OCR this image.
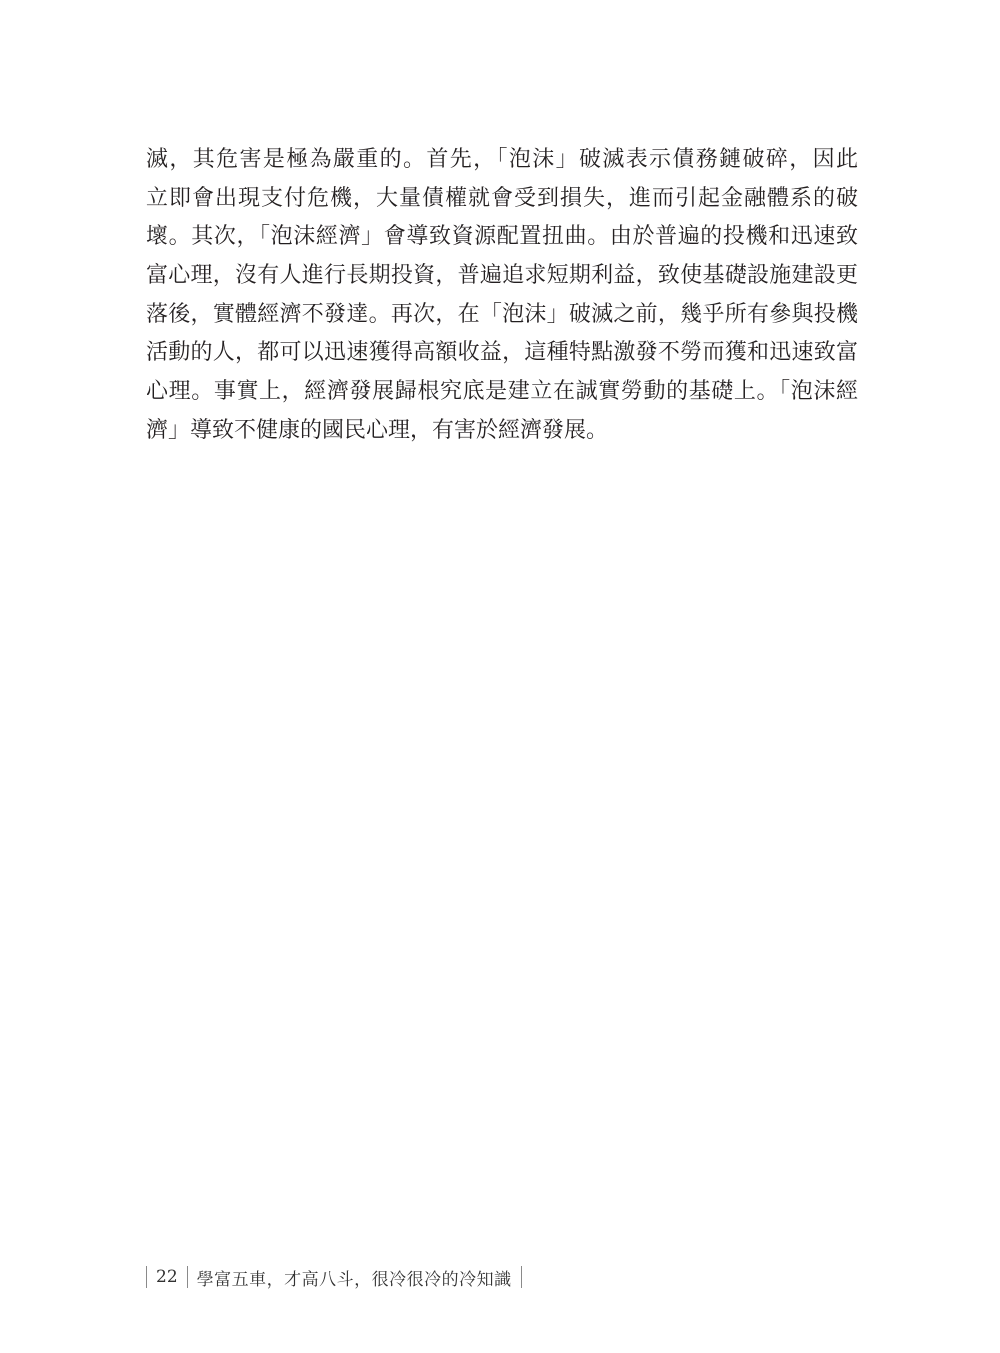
滅，其危害是極為嚴重的。首先，「泡沫」破滅表示債務鏈破碎，因此
立即會出現支付危機，大量債權就會受到損失，進而引起金融體系的破
壞。其次，「泡沫經濟」會導致資源配置扭曲。由於普遍的投機和迅速致
富心理，沒有人進行長期投資，普遍追求短期利益，致使基礎設施建設更
落後，實體經濟不發達。再次，在「泡沫」破滅之前，幾乎所有參與投機
活動的人，都可以迅速獲得高額收益，這種特點激發不勞而獲和迅速致富
心理。事實上，經濟發展歸根究底是建立在誠實勞動的基礎上。「泡沫經
濟」導致不健康的國民心理，有害於經濟發展。
22 學富五車，才高八斗，很冷很冷的冷知識
